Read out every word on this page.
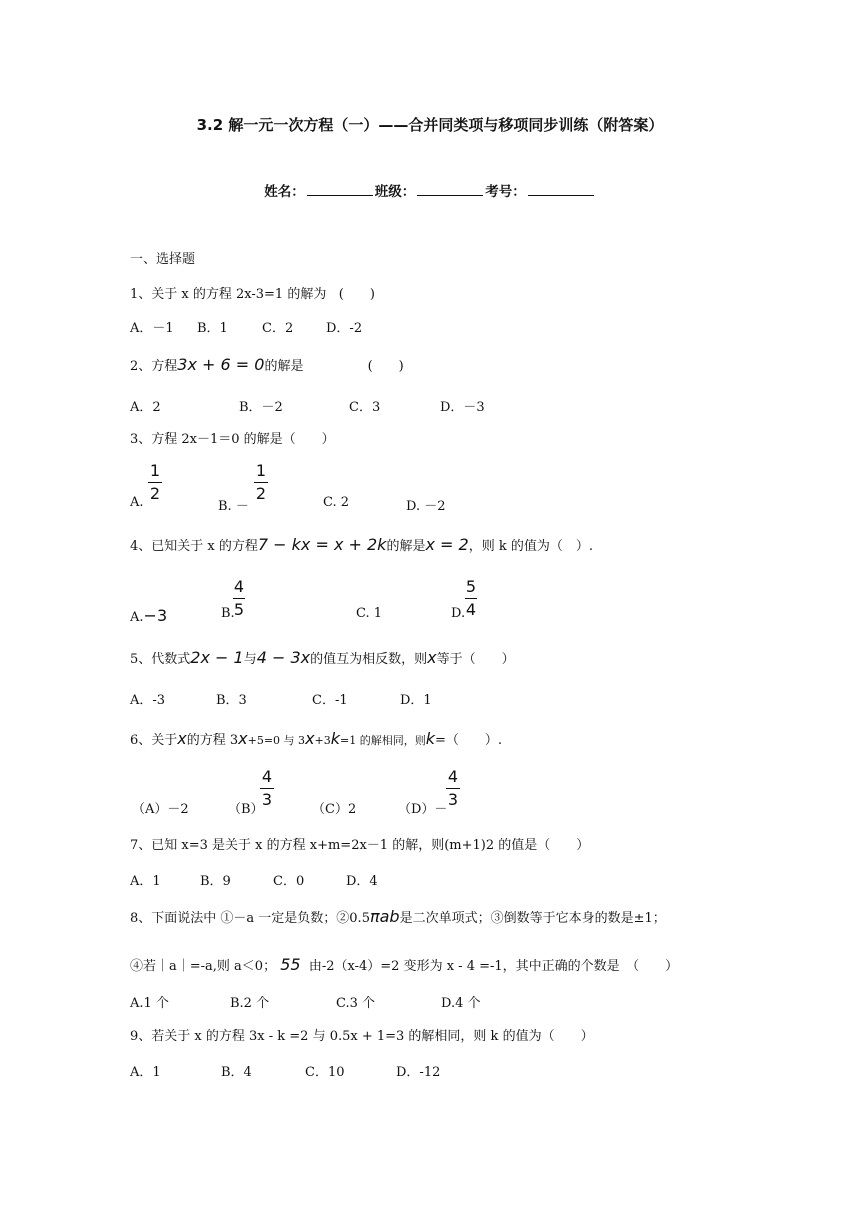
3.2 解一元一次方程（一）——合并同类项与移项同步训练（附答案）
姓名：	班级：	考号：
一、选择题
1、关于 x 的方程 2x-3=1 的解为 (　　)
A．－1 B．1	C．2	D．-2
2、方程3x + 6 = 0的解是	(　　)
A．2	B．－2	C．3	D．－3
3、方程 2x－1＝0 的解是（　　）
A.
1
2
B. －
1
2	C. 2	D. －2
4、已知关于 x 的方程7 − kx = x + 2k的解是x = 2，则 k 的值为（　）.
A.−3	B.
4
5	C. 1	D.
5
4
5、代数式2x − 1与4 − 3x的值互为相反数，则x等于（　　）
A．-3	B．3	C．-1	D．1
6、关于x的方程 3x+5=0 与 3x+3k=1 的解相同，则k=（　　）.
（A）－2	（B）
4
3
（C）2	（D）－
4
3
7、已知 x=3 是关于 x 的方程 x+m=2x－1 的解，则(m+1)2 的值是（　　）
A．1	B．9	C．0	D．4
8、下面说法中 ①－a 一定是负数；②0.5πab是二次单项式；③倒数等于它本身的数是±1；
④若｜a｜=-a,则 a＜0； 55 由-2（x-4）=2 变形为 x - 4 =-1，其中正确的个数是　（　　）
A.1 个	B.2 个	C.3 个	D.4 个
9、若关于 x 的方程 3x - k =2 与 0.5x + 1=3 的解相同，则 k 的值为（　　）
A．1	B．4	C．10	D．-12
